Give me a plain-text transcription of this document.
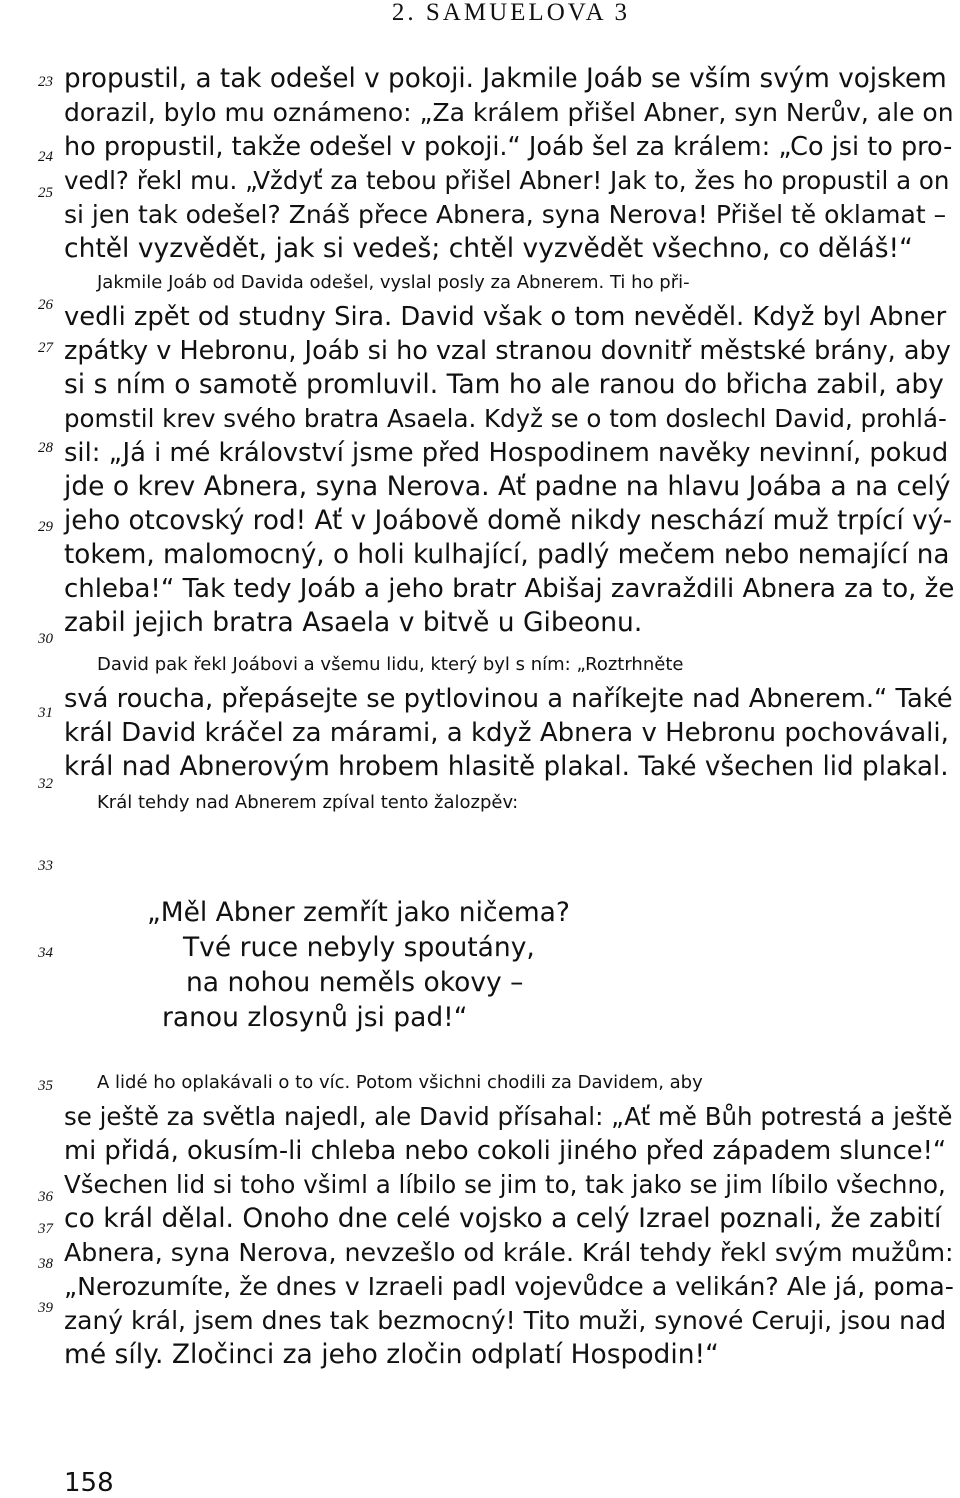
2. SAMUELOVA 3
23
24
25
26
27
28
29
30
31
32
33
34
35
36
37
38
39
propustil, a tak odešel v pokoji. Jakmile Joáb se vším svým vojskem
dorazil, bylo mu oznámeno: „Za králem přišel Abner, syn Nerův, ale on
ho propustil, takže odešel v pokoji.“ Joáb šel za králem: „Co jsi to pro-
vedl? řekl mu. „Vždyť za tebou přišel Abner! Jak to, žes ho propustil a on
si jen tak odešel? Znáš přece Abnera, syna Nerova! Přišel tě oklamat –
chtěl vyzvědět, jak si vedeš; chtěl vyzvědět všechno, co děláš!“
Jakmile Joáb od Davida odešel, vyslal posly za Abnerem. Ti ho při-
vedli zpět od studny Sira. David však o tom nevěděl. Když byl Abner
zpátky v Hebronu, Joáb si ho vzal stranou dovnitř městské brány, aby
si s ním o samotě promluvil. Tam ho ale ranou do břicha zabil, aby
pomstil krev svého bratra Asaela. Když se o tom doslechl David, prohlá-
sil: „Já i mé království jsme před Hospodinem navěky nevinní, pokud
jde o krev Abnera, syna Nerova. Ať padne na hlavu Joába a na celý
jeho otcovský rod! Ať v Joábově domě nikdy neschází muž trpící vý-
tokem, malomocný, o holi kulhající, padlý mečem nebo nemající na
chleba!“ Tak tedy Joáb a jeho bratr Abišaj zavraždili Abnera za to, že
zabil jejich bratra Asaela v bitvě u Gibeonu.
David pak řekl Joábovi a všemu lidu, který byl s ním: „Roztrhněte
svá roucha, přepásejte se pytlovinou a naříkejte nad Abnerem.“ Také
král David kráčel za márami, a když Abnera v Hebronu pochovávali,
král nad Abnerovým hrobem hlasitě plakal. Také všechen lid plakal.
Král tehdy nad Abnerem zpíval tento žalozpěv:
A lidé ho oplakávali o to víc. Potom všichni chodili za Davidem, aby
se ještě za světla najedl, ale David přísahal: „Ať mě Bůh potrestá a ještě
mi přidá, okusím-li chleba nebo cokoli jiného před západem slunce!“
Všechen lid si toho všiml a líbilo se jim to, tak jako se jim líbilo všechno,
co král dělal. Onoho dne celé vojsko a celý Izrael poznali, že zabití
Abnera, syna Nerova, nevzešlo od krále. Král tehdy řekl svým mužům:
„Nerozumíte, že dnes v Izraeli padl vojevůdce a velikán? Ale já, poma-
zaný král, jsem dnes tak bezmocný! Tito muži, synové Ceruji, jsou nad
mé síly. Zločinci za jeho zločin odplatí Hospodin!“
„Měl Abner zemřít jako ničema?
Tvé ruce nebyly spoutány,
na nohou neměls okovy –
ranou zlosynů jsi pad!“
158
